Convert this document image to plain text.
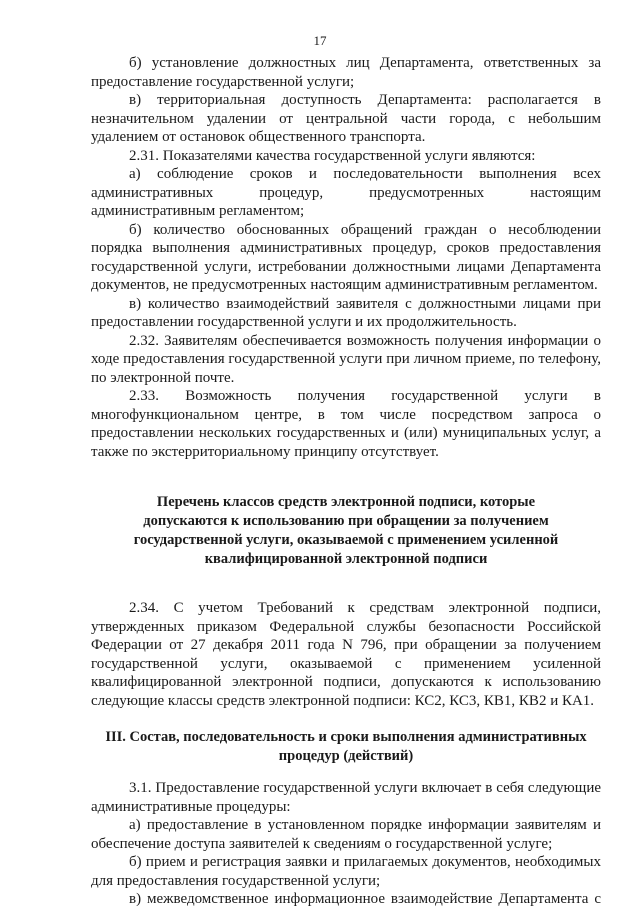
17

б) установление должностных лиц Департамента, ответственных за предоставление государственной услуги;

в) территориальная доступность Департамента: располагается в незначительном удалении от центральной части города, с небольшим удалением от остановок общественного транспорта.

2.31. Показателями качества государственной услуги являются:

а) соблюдение сроков и последовательности выполнения всех административных процедур, предусмотренных настоящим административным регламентом;

б) количество обоснованных обращений граждан о несоблюдении порядка выполнения административных процедур, сроков предоставления государственной услуги, истребовании должностными лицами Департамента документов, не предусмотренных настоящим административным регламентом.

в) количество взаимодействий заявителя с должностными лицами при предоставлении государственной услуги и их продолжительность.

2.32. Заявителям обеспечивается возможность получения информации о ходе предоставления государственной услуги при личном приеме, по телефону, по электронной почте.

2.33. Возможность получения государственной услуги в многофункциональном центре, в том числе посредством запроса о предоставлении нескольких государственных и (или) муниципальных услуг, а также по экстерриториальному принципу отсутствует.

Перечень классов средств электронной подписи, которые допускаются к использованию при обращении за получением государственной услуги, оказываемой с применением усиленной квалифицированной электронной подписи

2.34. С учетом Требований к средствам электронной подписи, утвержденных приказом Федеральной службы безопасности Российской Федерации от 27 декабря 2011 года N 796, при обращении за получением государственной услуги, оказываемой с применением усиленной квалифицированной электронной подписи, допускаются к использованию следующие классы средств электронной подписи: КС2, КС3, КВ1, КВ2 и КА1.

III. Состав, последовательность и сроки выполнения административных процедур (действий)

3.1. Предоставление государственной услуги включает в себя следующие административные процедуры:

а) предоставление в установленном порядке информации заявителям и обеспечение доступа заявителей к сведениям о государственной услуге;

б) прием и регистрация заявки и прилагаемых документов, необходимых для предоставления государственной услуги;

в) межведомственное информационное взаимодействие Департамента с
